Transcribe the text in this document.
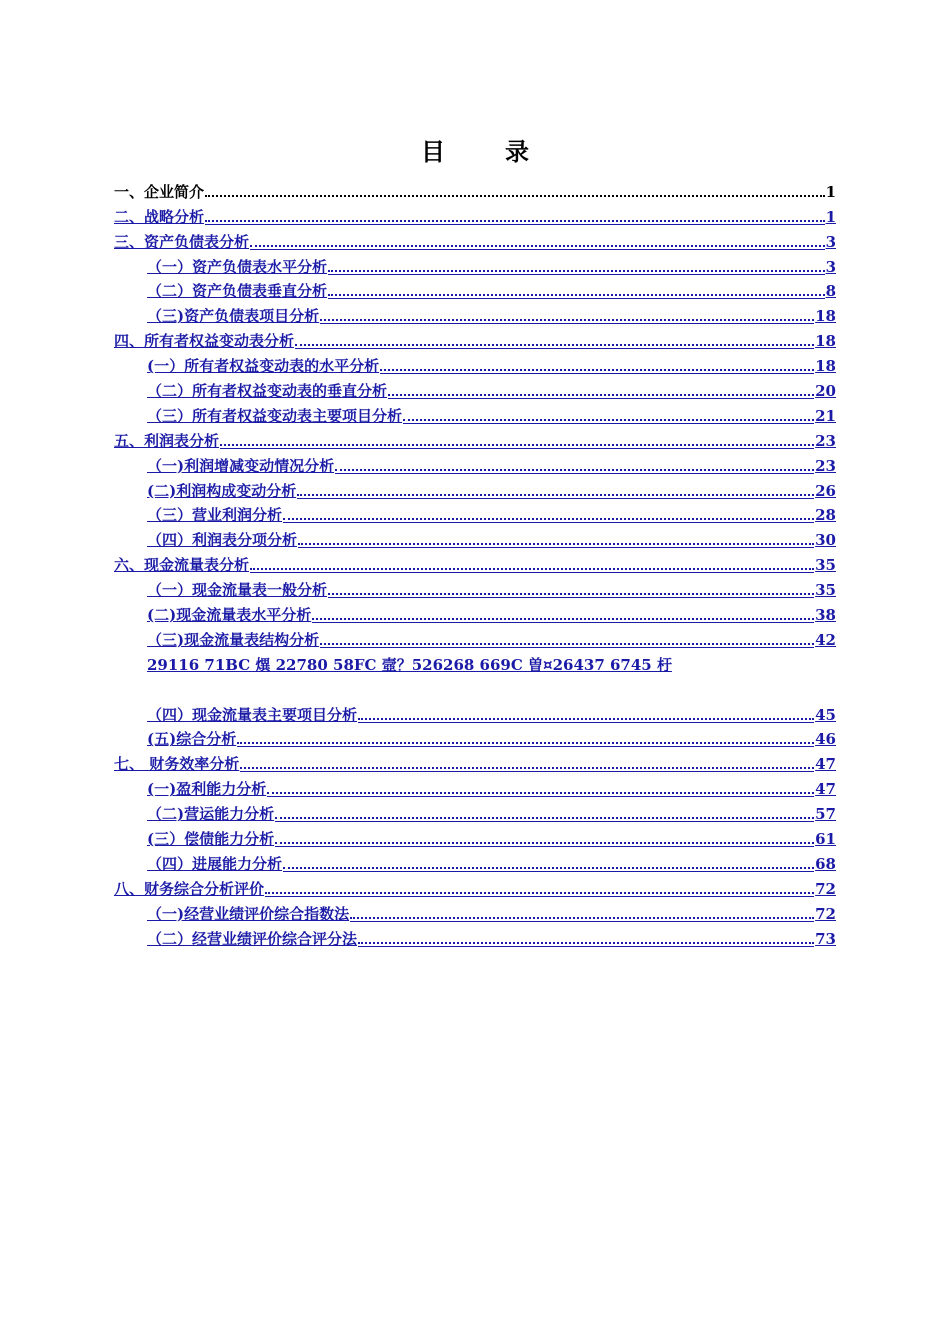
目　录
一、企业简介	1
二、战略分析	1
三、资产负债表分析	3
（一）资产负债表水平分析	3
（二）资产负债表垂直分析	8
（三)资产负债表项目分析	18
四、所有者权益变动表分析	18
(一）所有者权益变动表的水平分析	18
（二）所有者权益变动表的垂直分析	20
（三）所有者权益变动表主要项目分析	21
五、利润表分析	23
（一)利润增减变动情况分析	23
(二)利润构成变动分析	26
（三）营业利润分析	28
（四）利润表分项分析	30
六、现金流量表分析	35
（一）现金流量表一般分析	35
(二)现金流量表水平分析	38
（三)现金流量表结构分析	42
29116 71BC 熼 22780 58FC 壼？526268 669C 曽¤26437 6745 杅
（四）现金流量表主要项目分析	45
(五)综合分析	46
七、 财务效率分析	47
(一)盈利能力分析	47
（二)营运能力分析	57
(三）偿债能力分析	61
（四）进展能力分析	68
八、财务综合分析评价	72
（一)经营业绩评价综合指数法	72
（二）经营业绩评价综合评分法	73
